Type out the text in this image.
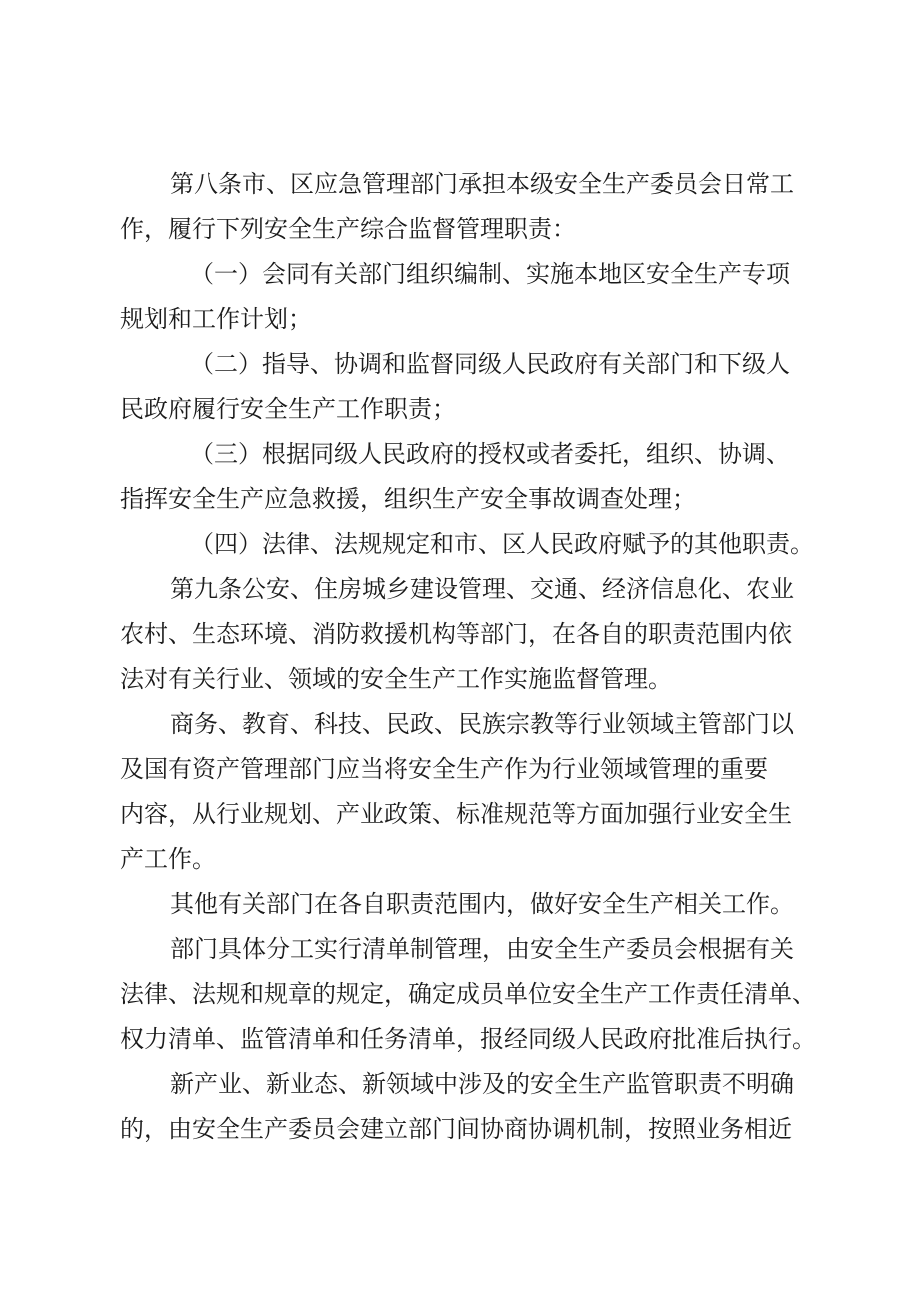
第八条市、区应急管理部门承担本级安全生产委员会日常工
作，履行下列安全生产综合监督管理职责：
（一）会同有关部门组织编制、实施本地区安全生产专项
规划和工作计划；
（二）指导、协调和监督同级人民政府有关部门和下级人
民政府履行安全生产工作职责；
（三）根据同级人民政府的授权或者委托，组织、协调、
指挥安全生产应急救援，组织生产安全事故调查处理；
（四）法律、法规规定和市、区人民政府赋予的其他职责。
第九条公安、住房城乡建设管理、交通、经济信息化、农业
农村、生态环境、消防救援机构等部门，在各自的职责范围内依
法对有关行业、领域的安全生产工作实施监督管理。
商务、教育、科技、民政、民族宗教等行业领域主管部门以
及国有资产管理部门应当将安全生产作为行业领域管理的重要
内容，从行业规划、产业政策、标准规范等方面加强行业安全生
产工作。
其他有关部门在各自职责范围内，做好安全生产相关工作。
部门具体分工实行清单制管理，由安全生产委员会根据有关
法律、法规和规章的规定，确定成员单位安全生产工作责任清单、
权力清单、监管清单和任务清单，报经同级人民政府批准后执行。
新产业、新业态、新领域中涉及的安全生产监管职责不明确
的，由安全生产委员会建立部门间协商协调机制，按照业务相近
